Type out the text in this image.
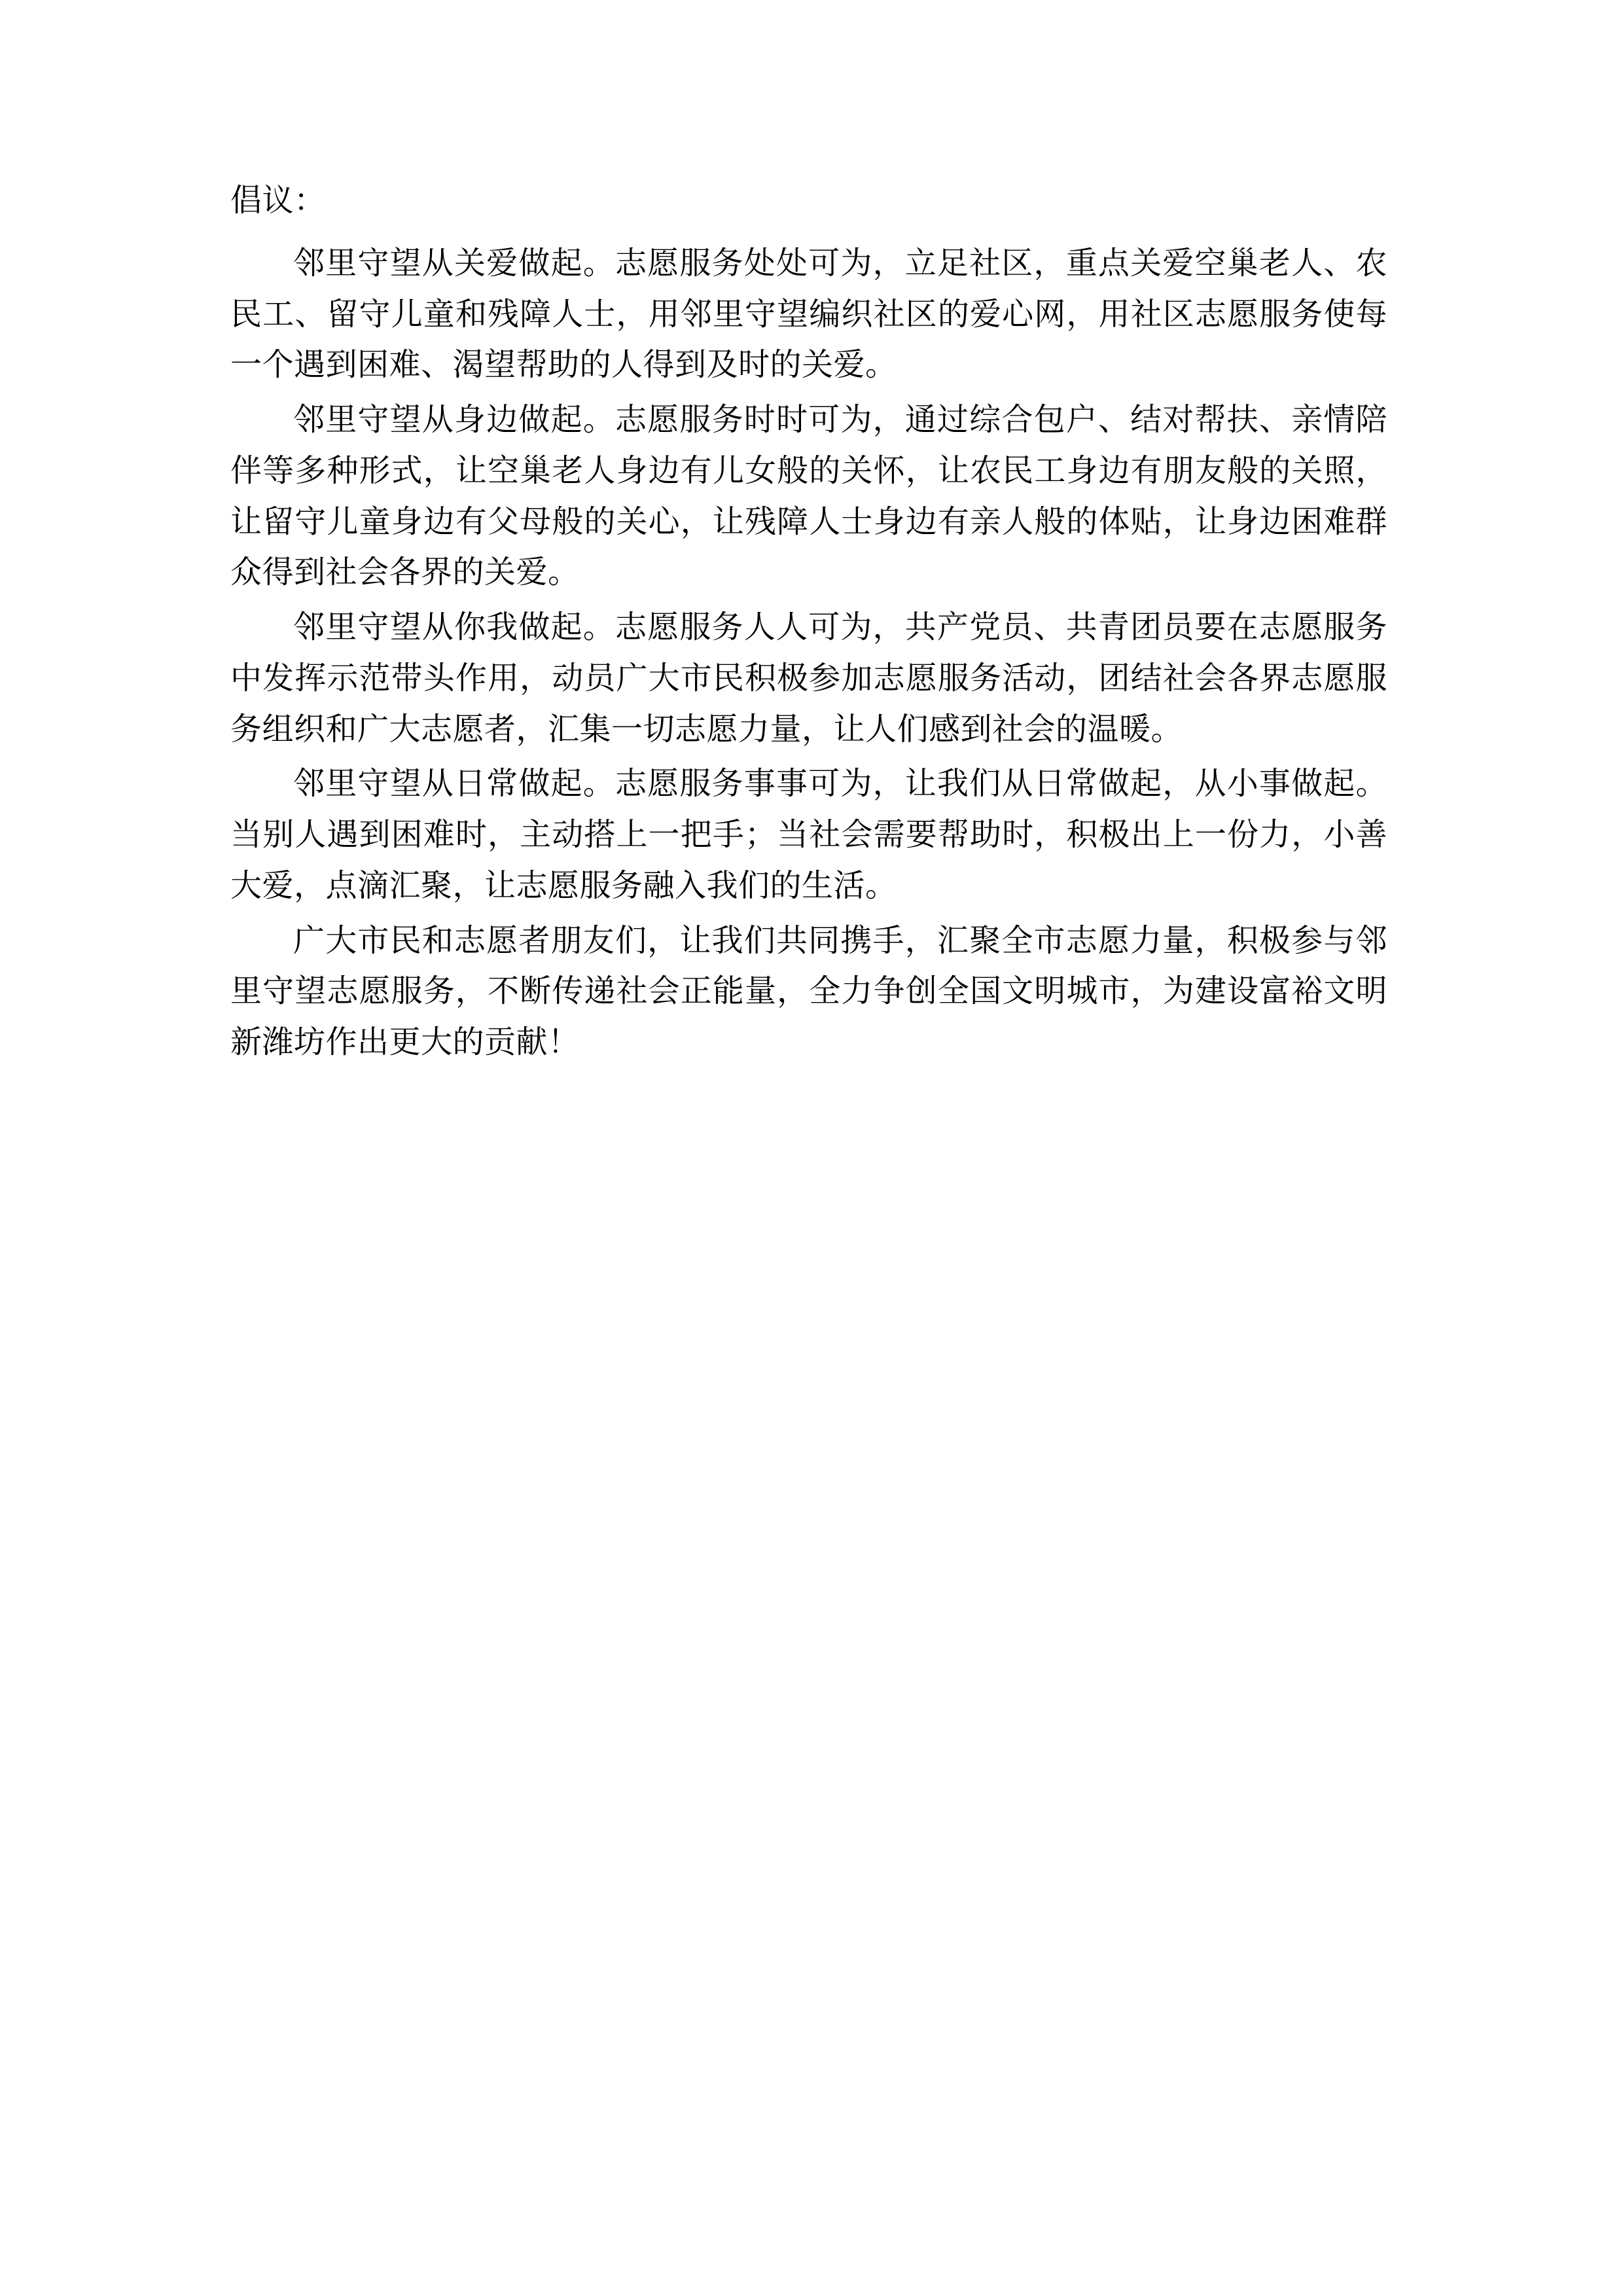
倡议：

邻里守望从关爱做起。志愿服务处处可为，立足社区，重点关爱空巢老人、农民工、留守儿童和残障人士，用邻里守望编织社区的爱心网，用社区志愿服务使每一个遇到困难、渴望帮助的人得到及时的关爱。

邻里守望从身边做起。志愿服务时时可为，通过综合包户、结对帮扶、亲情陪伴等多种形式，让空巢老人身边有儿女般的关怀，让农民工身边有朋友般的关照，让留守儿童身边有父母般的关心，让残障人士身边有亲人般的体贴，让身边困难群众得到社会各界的关爱。

邻里守望从你我做起。志愿服务人人可为，共产党员、共青团员要在志愿服务中发挥示范带头作用，动员广大市民积极参加志愿服务活动，团结社会各界志愿服务组织和广大志愿者，汇集一切志愿力量，让人们感到社会的温暖。

邻里守望从日常做起。志愿服务事事可为，让我们从日常做起，从小事做起。当别人遇到困难时，主动搭上一把手；当社会需要帮助时，积极出上一份力，小善大爱，点滴汇聚，让志愿服务融入我们的生活。

广大市民和志愿者朋友们，让我们共同携手，汇聚全市志愿力量，积极参与邻里守望志愿服务，不断传递社会正能量，全力争创全国文明城市，为建设富裕文明新潍坊作出更大的贡献！
